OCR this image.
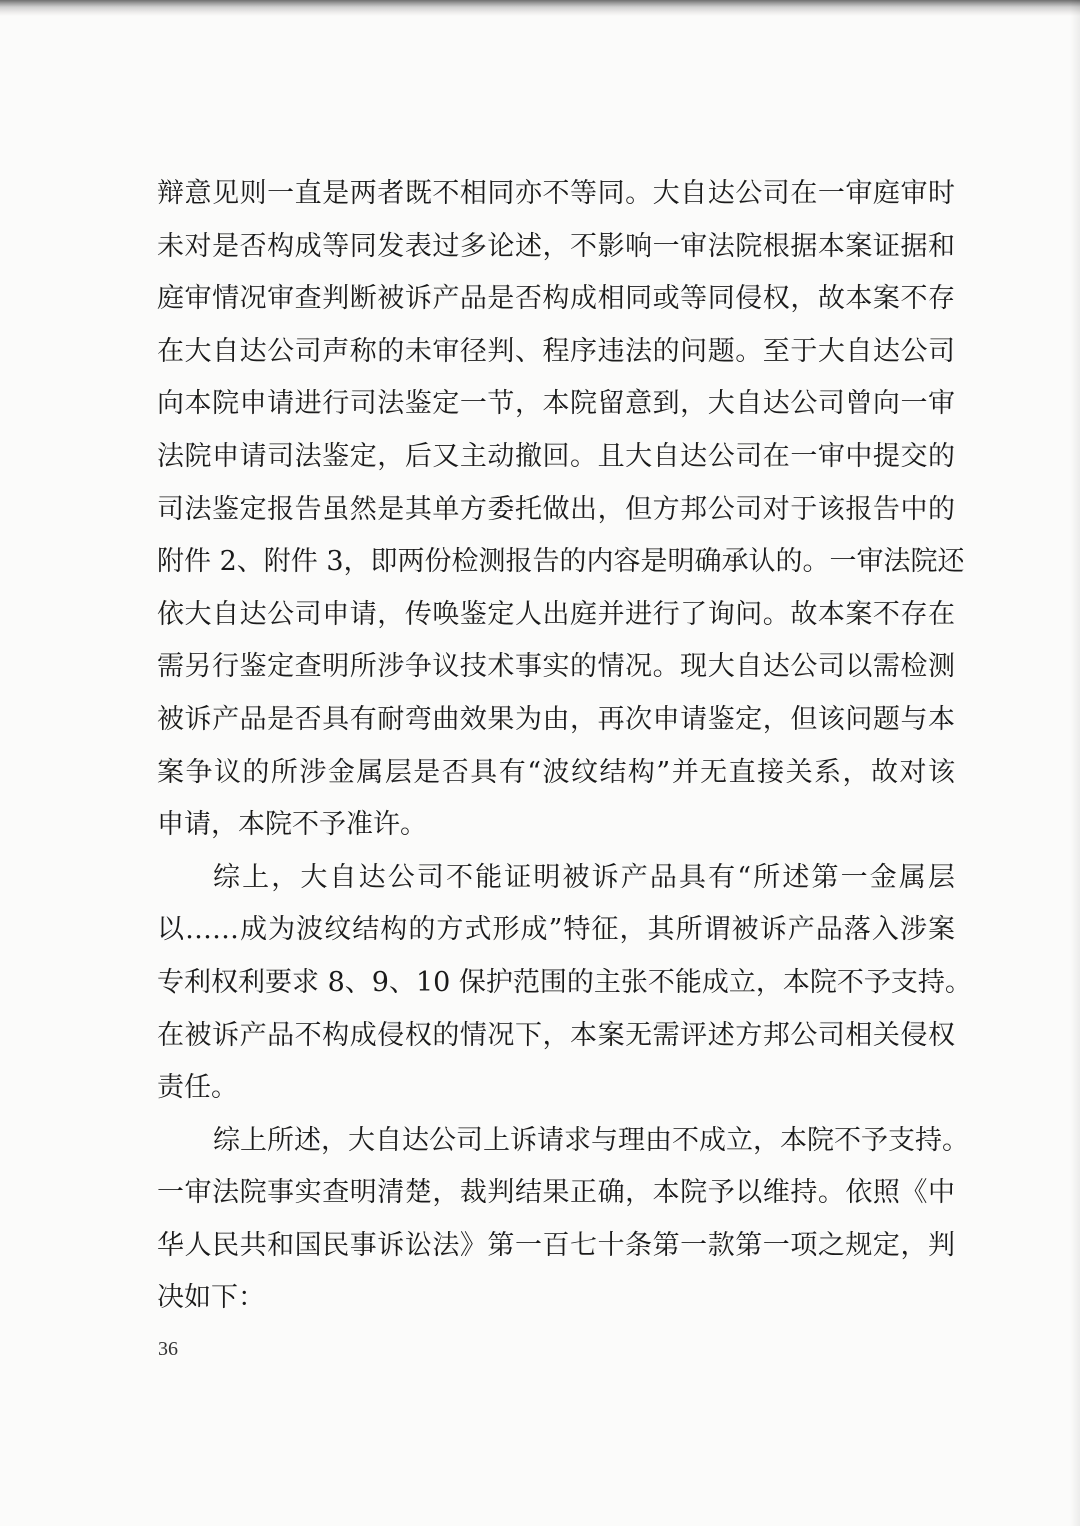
辩意见则一直是两者既不相同亦不等同。大自达公司在一审庭审时
未对是否构成等同发表过多论述，不影响一审法院根据本案证据和
庭审情况审查判断被诉产品是否构成相同或等同侵权，故本案不存
在大自达公司声称的未审径判、程序违法的问题。至于大自达公司
向本院申请进行司法鉴定一节，本院留意到，大自达公司曾向一审
法院申请司法鉴定，后又主动撤回。且大自达公司在一审中提交的
司法鉴定报告虽然是其单方委托做出，但方邦公司对于该报告中的
附件 2、附件 3，即两份检测报告的内容是明确承认的。一审法院还
依大自达公司申请，传唤鉴定人出庭并进行了询问。故本案不存在
需另行鉴定查明所涉争议技术事实的情况。现大自达公司以需检测
被诉产品是否具有耐弯曲效果为由，再次申请鉴定，但该问题与本
案争议的所涉金属层是否具有“波纹结构”并无直接关系，故对该
申请，本院不予准许。
综上，大自达公司不能证明被诉产品具有“所述第一金属层
以……成为波纹结构的方式形成”特征，其所谓被诉产品落入涉案
专利权利要求 8、9、10 保护范围的主张不能成立，本院不予支持。
在被诉产品不构成侵权的情况下，本案无需评述方邦公司相关侵权
责任。
综上所述，大自达公司上诉请求与理由不成立，本院不予支持。
一审法院事实查明清楚，裁判结果正确，本院予以维持。依照《中
华人民共和国民事诉讼法》第一百七十条第一款第一项之规定，判
决如下：
36
